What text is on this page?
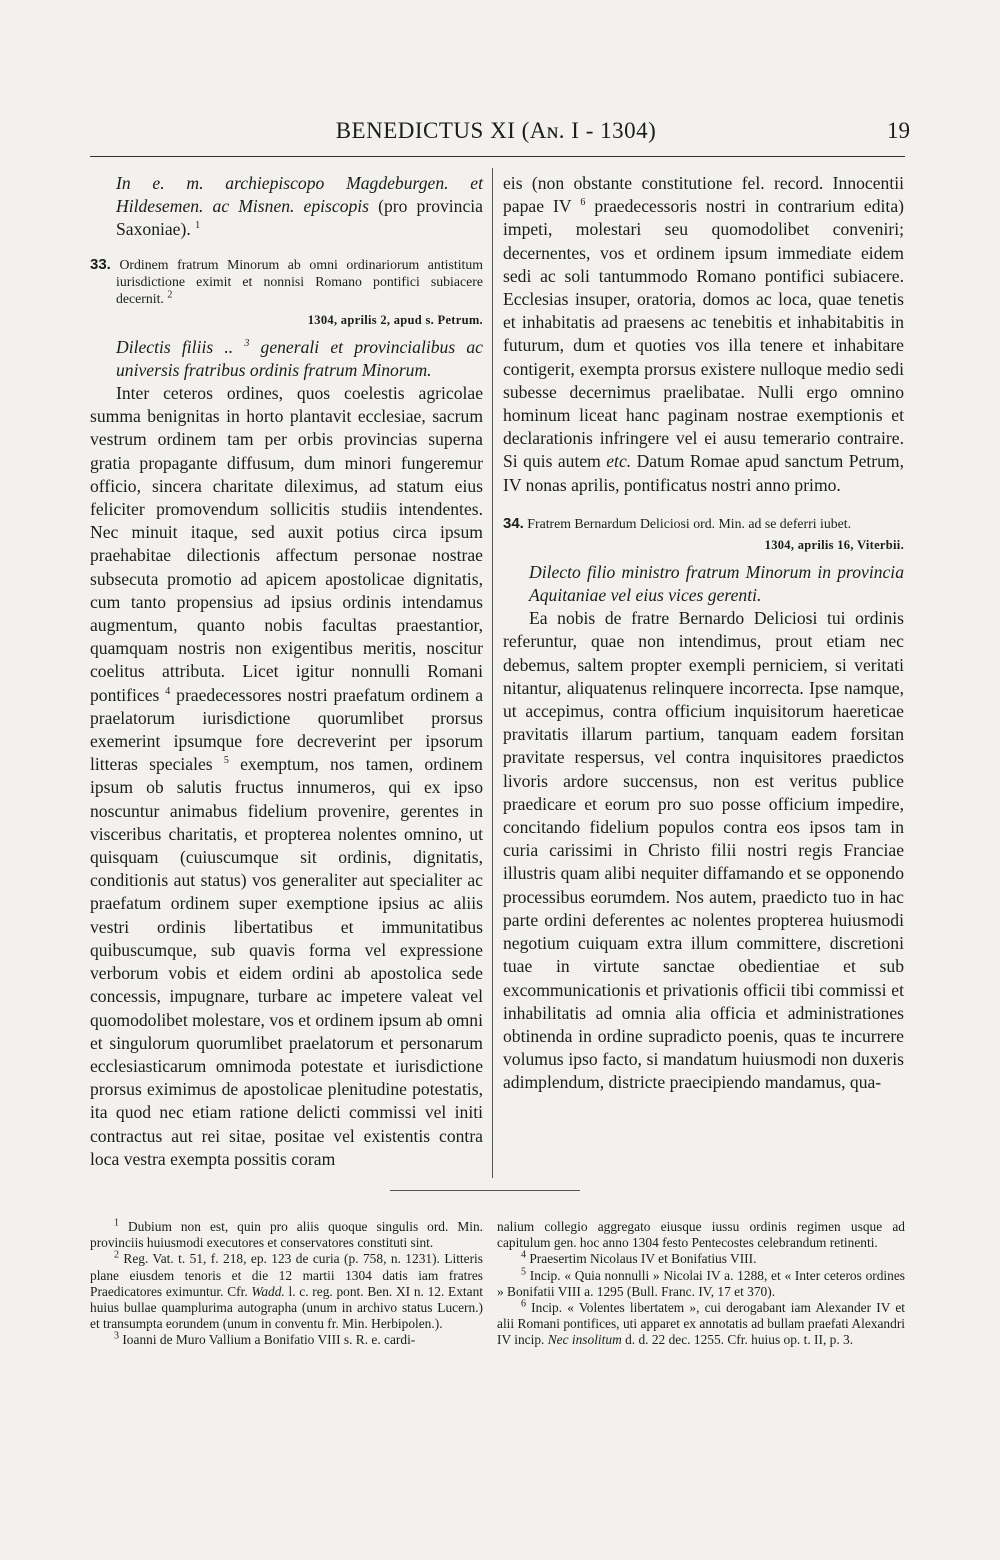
BENEDICTUS XI (Aɴ. I - 1304)	19

In e. m. archiepiscopo Magdeburgen. et Hildesemen. ac Misnen. episcopis (pro provincia Saxoniae). $^1$

33. Ordinem fratrum Minorum ab omni ordinariorum antistitum iurisdictione eximit et nonnisi Romano pontifici subiacere decernit. $^2$

1304, aprilis 2, apud s. Petrum.

Dilectis filiis .. $^3$ generali et provincialibus ac universis fratribus ordinis fratrum Minorum.

Inter ceteros ordines, quos coelestis agricolae summa benignitas in horto plantavit ecclesiae, sacrum vestrum ordinem tam per orbis provincias superna gratia propagante diffusum, dum minori fungeremur officio, sincera charitate dileximus, ad statum eius feliciter promovendum sollicitis studiis intendentes. Nec minuit itaque, sed auxit potius circa ipsum praehabitae dilectionis affectum personae nostrae subsecuta promotio ad apicem apostolicae dignitatis, cum tanto propensius ad ipsius ordinis intendamus augmentum, quanto nobis facultas praestantior, quamquam nostris non exigentibus meritis, noscitur coelitus attributa. Licet igitur nonnulli Romani pontifices $^4$ praedecessores nostri praefatum ordinem a praelatorum iurisdictione quorumlibet prorsus exemerint ipsumque fore decreverint per ipsorum litteras speciales $^5$ exemptum, nos tamen, ordinem ipsum ob salutis fructus innumeros, qui ex ipso noscuntur animabus fidelium provenire, gerentes in visceribus charitatis, et propterea nolentes omnino, ut quisquam (cuiuscumque sit ordinis, dignitatis, conditionis aut status) vos generaliter aut specialiter ac praefatum ordinem super exemptione ipsius ac aliis vestri ordinis libertatibus et immunitatibus quibuscumque, sub quavis forma vel expressione verborum vobis et eidem ordini ab apostolica sede concessis, impugnare, turbare ac impetere valeat vel quomodolibet molestare, vos et ordinem ipsum ab omni et singulorum quorumlibet praelatorum et personarum ecclesiasticarum omnimoda potestate et iurisdictione prorsus eximimus de apostolicae plenitudine potestatis, ita quod nec etiam ratione delicti commissi vel initi contractus aut rei sitae, positae vel existentis contra loca vestra exempta possitis coram

eis (non obstante constitutione fel. record. Innocentii papae IV $^6$ praedecessoris nostri in contrarium edita) impeti, molestari seu quomodolibet conveniri; decernentes, vos et ordinem ipsum immediate eidem sedi ac soli tantummodo Romano pontifici subiacere. Ecclesias insuper, oratoria, domos ac loca, quae tenetis et inhabitatis ad praesens ac tenebitis et inhabitabitis in futurum, dum et quoties vos illa tenere et inhabitare contigerit, exempta prorsus existere nulloque medio sedi subesse decernimus praelibatae. Nulli ergo omnino hominum liceat hanc paginam nostrae exemptionis et declarationis infringere vel ei ausu temerario contraire. Si quis autem etc. Datum Romae apud sanctum Petrum, IV nonas aprilis, pontificatus nostri anno primo.

34. Fratrem Bernardum Deliciosi ord. Min. ad se deferri iubet.

1304, aprilis 16, Viterbii.

Dilecto filio ministro fratrum Minorum in provincia Aquitaniae vel eius vices gerenti.

Ea nobis de fratre Bernardo Deliciosi tui ordinis referuntur, quae non intendimus, prout etiam nec debemus, saltem propter exempli perniciem, si veritati nitantur, aliquatenus relinquere incorrecta. Ipse namque, ut accepimus, contra officium inquisitorum haereticae pravitatis illarum partium, tanquam eadem forsitan pravitate respersus, vel contra inquisitores praedictos livoris ardore succensus, non est veritus publice praedicare et eorum pro suo posse officium impedire, concitando fidelium populos contra eos ipsos tam in curia carissimi in Christo filii nostri regis Franciae illustris quam alibi nequiter diffamando et se opponendo processibus eorumdem. Nos autem, praedicto tuo in hac parte ordini deferentes ac nolentes propterea huiusmodi negotium cuiquam extra illum committere, discretioni tuae in virtute sanctae obedientiae et sub excommunicationis et privationis officii tibi commissi et inhabilitatis ad omnia alia officia et administrationes obtinenda in ordine supradicto poenis, quas te incurrere volumus ipso facto, si mandatum huiusmodi non duxeris adimplendum, districte praecipiendo mandamus, qua-

$^1$ Dubium non est, quin pro aliis quoque singulis ord. Min. provinciis huiusmodi executores et conservatores constituti sint.

$^2$ Reg. Vat. t. 51, f. 218, ep. 123 de curia (p. 758, n. 1231). Litteris plane eiusdem tenoris et die 12 martii 1304 datis iam fratres Praedicatores eximuntur. Cfr. Wadd. l. c. reg. pont. Ben. XI n. 12. Extant huius bullae quamplurima autographa (unum in archivo status Lucern.) et transumpta eorundem (unum in conventu fr. Min. Herbipolen.).

$^3$ Ioanni de Muro Vallium a Bonifatio VIII s. R. e. cardi-

nalium collegio aggregato eiusque iussu ordinis regimen usque ad capitulum gen. hoc anno 1304 festo Pentecostes celebrandum retinenti.

$^4$ Praesertim Nicolaus IV et Bonifatius VIII.

$^5$ Incip. « Quia nonnulli » Nicolai IV a. 1288, et « Inter ceteros ordines » Bonifatii VIII a. 1295 (Bull. Franc. IV, 17 et 370).

$^6$ Incip. « Volentes libertatem », cui derogabant iam Alexander IV et alii Romani pontifices, uti apparet ex annotatis ad bullam praefati Alexandri IV incip. Nec insolitum d. d. 22 dec. 1255. Cfr. huius op. t. II, p. 3.
